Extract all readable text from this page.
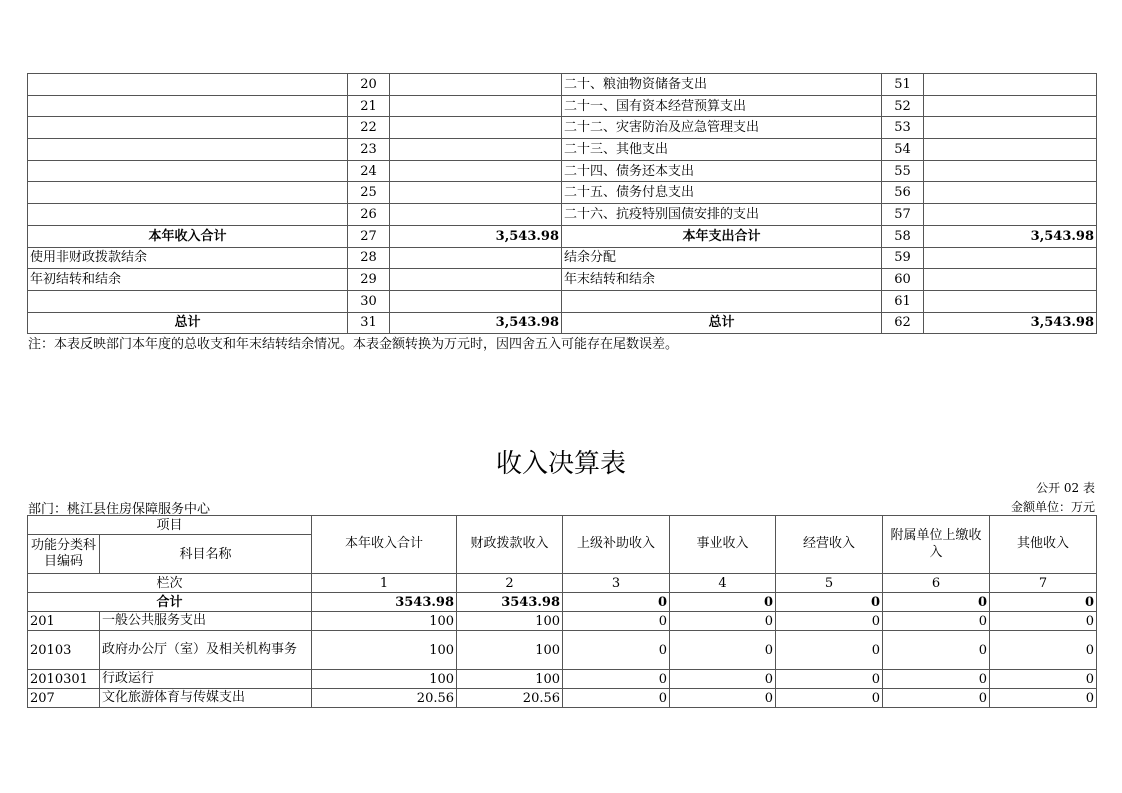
	20		二十、粮油物资储备支出	51	
	21		二十一、国有资本经营预算支出	52	
	22		二十二、灾害防治及应急管理支出	53	
	23		二十三、其他支出	54	
	24		二十四、债务还本支出	55	
	25		二十五、债务付息支出	56	
	26		二十六、抗疫特别国债安排的支出	57	
本年收入合计	27	3,543.98	本年支出合计	58	3,543.98
使用非财政拨款结余	28		结余分配	59	
年初结转和结余	29		年末结转和结余	60	
	30			61	
总计	31	3,543.98	总计	62	3,543.98
注：本表反映部门本年度的总收支和年末结转结余情况。本表金额转换为万元时，因四舍五入可能存在尾数误差。
收入决算表
公开 02 表
部门：桃江县住房保障服务中心	金额单位：万元
项目		本年收入合计	财政拨款收入	上级补助收入	事业收入	经营收入	附属单位上缴收入	其他收入
功能分类科目编码	科目名称							
栏次		1	2	3	4	5	6	7
合计		3543.98	3543.98	0	0	0	0	0
201	一般公共服务支出	100	100	0	0	0	0	0
20103	政府办公厅（室）及相关机构事务	100	100	0	0	0	0	0
2010301	行政运行	100	100	0	0	0	0	0
207	文化旅游体育与传媒支出	20.56	20.56	0	0	0	0	0
